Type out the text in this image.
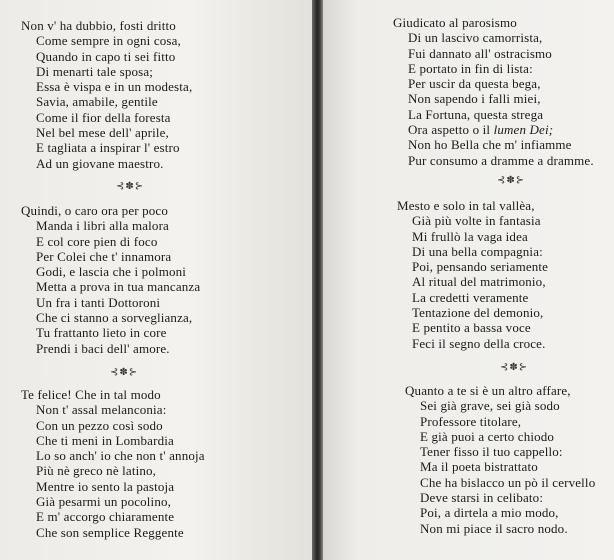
Non v' ha dubbio, fosti dritto
Come sempre in ogni cosa,
Quando in capo ti sei fitto
Di menarti tale sposa;
Essa è vispa e in un modesta,
Savia, amabile, gentile
Come il fior della foresta
Nel bel mese dell' aprile,
E tagliata a inspirar l' estro
Ad un giovane maestro.
⊰✽⊱
Quindi, o caro ora per poco
Manda i libri alla malora
E col core pien di foco
Per Colei che t' innamora
Godi, e lascia che i polmoni
Metta a prova in tua mancanza
Un fra i tanti Dottoroni
Che ci stanno a sorveglianza,
Tu frattanto lieto in core
Prendi i baci dell' amore.
⊰✽⊱
Te felice! Che in tal modo
Non t' assal melanconia:
Con un pezzo così sodo
Che ti meni in Lombardia
Lo so anch' io che non t' annoja
Più nè greco nè latino,
Mentre io sento la pastoja
Già pesarmi un pocolino,
E m' accorgo chiaramente
Che son semplice Reggente
Giudicato al parosismo
Di un lascivo camorrista,
Fui dannato all' ostracismo
E portato in fin di lista:
Per uscir da questa bega,
Non sapendo i falli miei,
La Fortuna, questa strega
Ora aspetto o il lumen Dei;
Non ho Bella che m' infiamme
Pur consumo a dramme a dramme.
⊰✽⊱
Mesto e solo in tal vallèa,
Già più volte in fantasia
Mi frullò la vaga idea
Di una bella compagnia:
Poi, pensando seriamente
Al ritual del matrimonio,
La credetti veramente
Tentazione del demonio,
E pentito a bassa voce
Feci il segno della croce.
⊰✽⊱
Quanto a te si è un altro affare,
Sei già grave, sei già sodo
Professore titolare,
E già puoi a certo chiodo
Tener fisso il tuo cappello:
Ma il poeta bistrattato
Che ha bislacco un pò il cervello
Deve starsi in celibato:
Poi, a dirtela a mio modo,
Non mi piace il sacro nodo.
